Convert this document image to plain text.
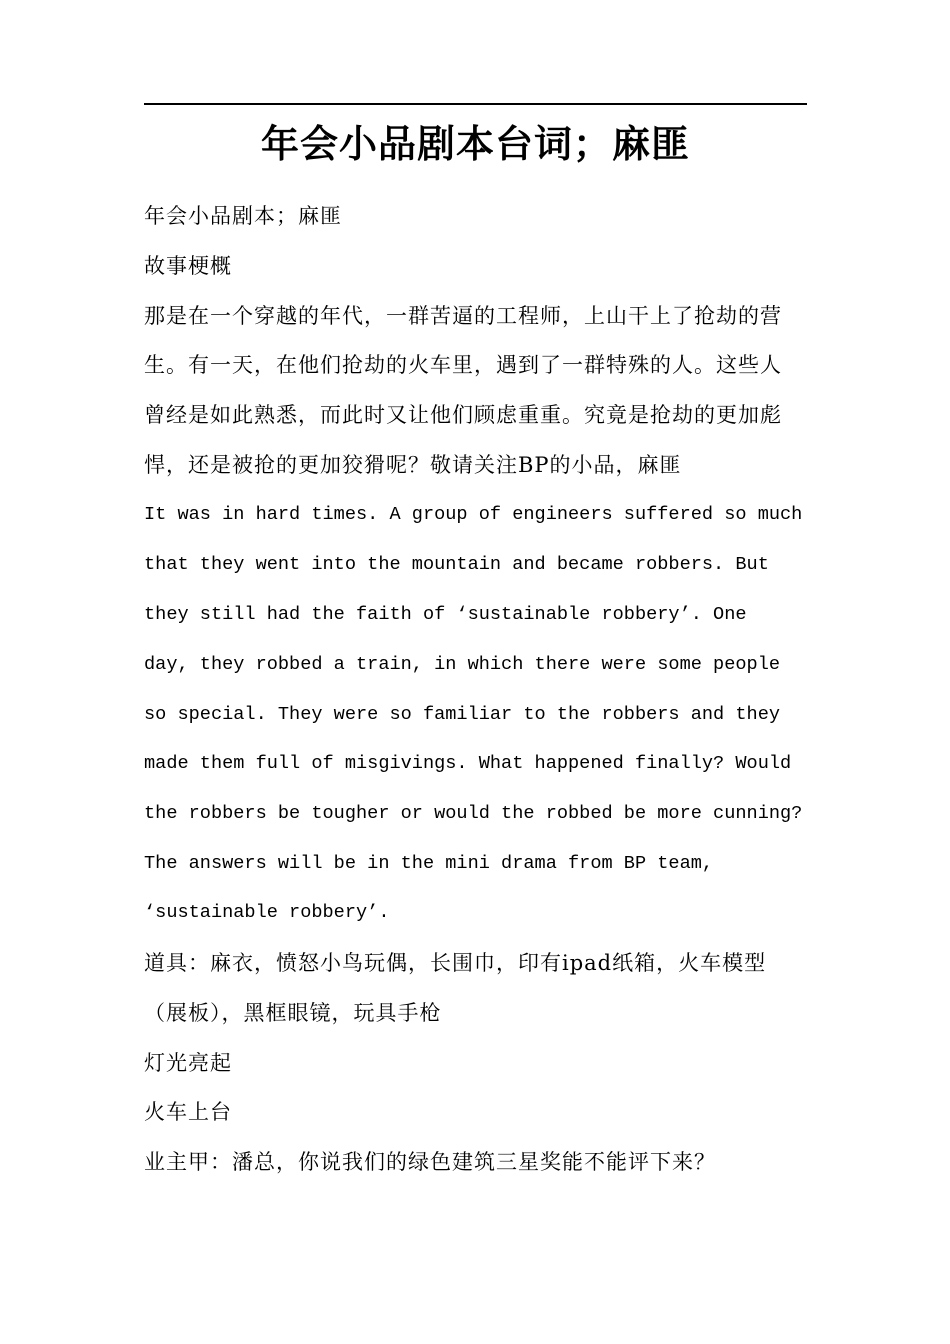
年会小品剧本台词；麻匪

年会小品剧本；麻匪

故事梗概

那是在一个穿越的年代，一群苦逼的工程师，上山干上了抢劫的营

生。有一天，在他们抢劫的火车里，遇到了一群特殊的人。这些人

曾经是如此熟悉，而此时又让他们顾虑重重。究竟是抢劫的更加彪

悍，还是被抢的更加狡猾呢？敬请关注BP的小品，麻匪

It was in hard times. A group of engineers suffered so much

that they went into the mountain and became robbers. But

they still had the faith of ‘sustainable robbery’. One

day, they robbed a train, in which there were some people

so special. They were so familiar to the robbers and they

made them full of misgivings. What happened finally? Would

the robbers be tougher or would the robbed be more cunning?

The answers will be in the mini drama from BP team,

‘sustainable robbery’.

道具：麻衣，愤怒小鸟玩偶，长围巾，印有ipad纸箱，火车模型

（展板），黑框眼镜，玩具手枪

灯光亮起

火车上台

业主甲：潘总，你说我们的绿色建筑三星奖能不能评下来？
